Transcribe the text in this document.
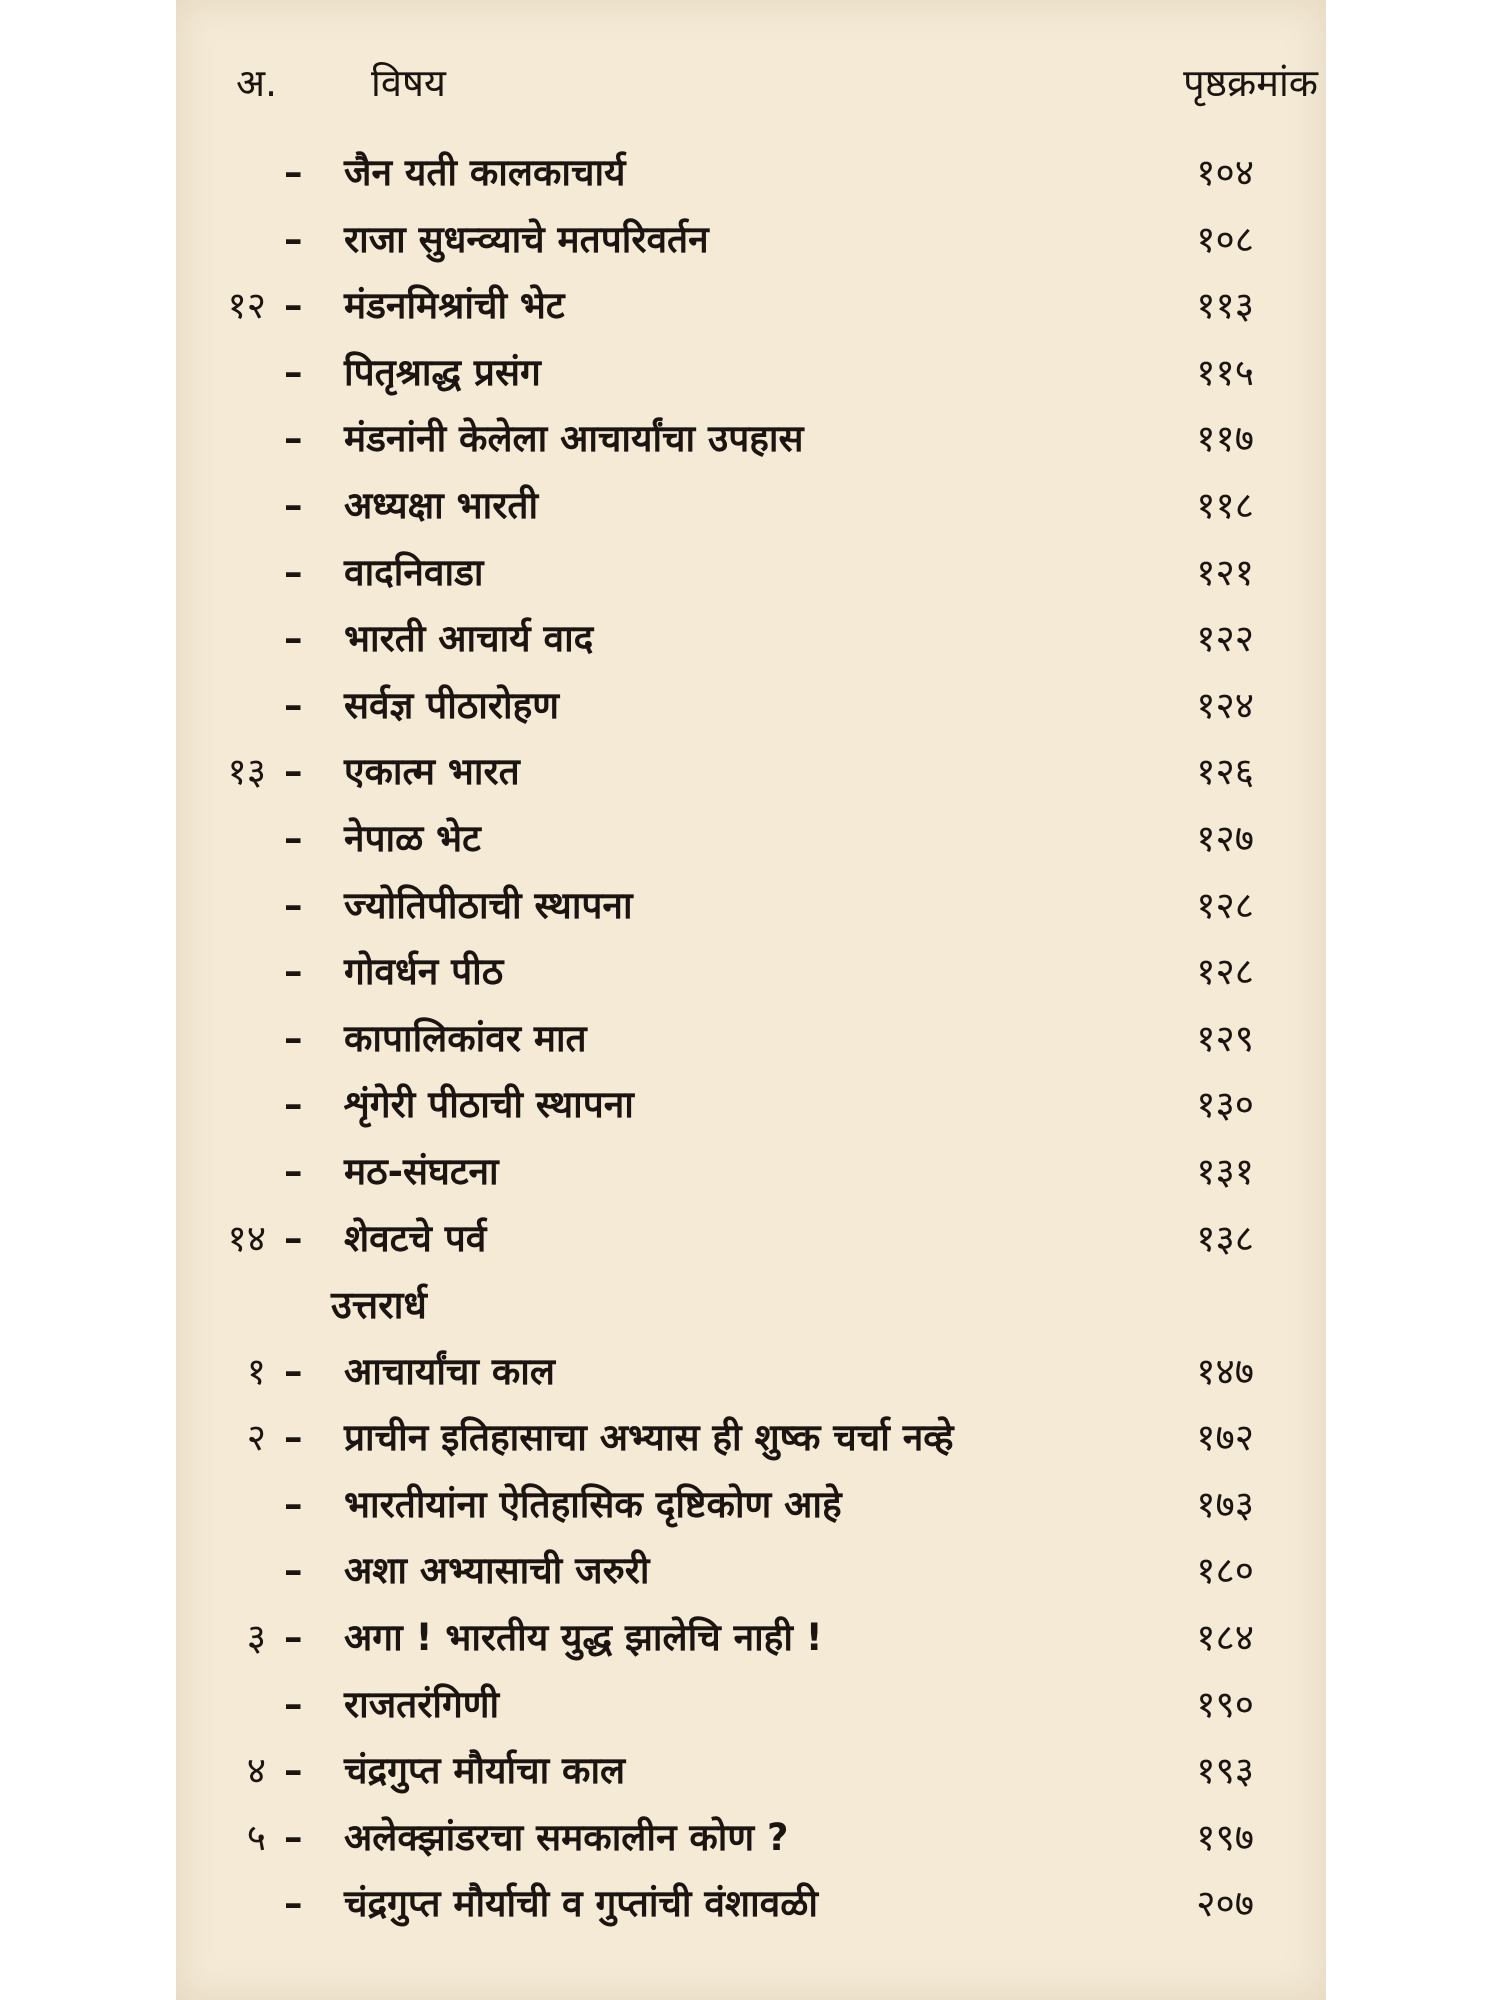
अ. विषय	पृष्ठक्रमांक
– जैन यती कालकाचार्य	१०४
– राजा सुधन्व्याचे मतपरिवर्तन	१०८
१२ – मंडनमिश्रांची भेट	११३
– पितृश्राद्ध प्रसंग	११५
– मंडनांनी केलेला आचार्यांचा उपहास	११७
– अध्यक्षा भारती	११८
– वादनिवाडा	१२१
– भारती आचार्य वाद	१२२
– सर्वज्ञ पीठारोहण	१२४
१३ – एकात्म भारत	१२६
– नेपाळ भेट	१२७
– ज्योतिपीठाची स्थापना	१२८
– गोवर्धन पीठ	१२८
– कापालिकांवर मात	१२९
– शृंगेरी पीठाची स्थापना	१३०
– मठ-संघटना	१३१
१४ – शेवटचे पर्व	१३८
उत्तरार्ध
१ – आचार्यांचा काल	१४७
२ – प्राचीन इतिहासाचा अभ्यास ही शुष्क चर्चा नव्हे	१७२
– भारतीयांना ऐतिहासिक दृष्टिकोण आहे	१७३
– अशा अभ्यासाची जरुरी	१८०
३ – अगा ! भारतीय युद्ध झालेचि नाही !	१८४
– राजतरंगिणी	१९०
४ – चंद्रगुप्त मौर्याचा काल	१९३
५ – अलेक्झांडरचा समकालीन कोण ?	१९७
– चंद्रगुप्त मौर्याची व गुप्तांची वंशावळी	२०७
